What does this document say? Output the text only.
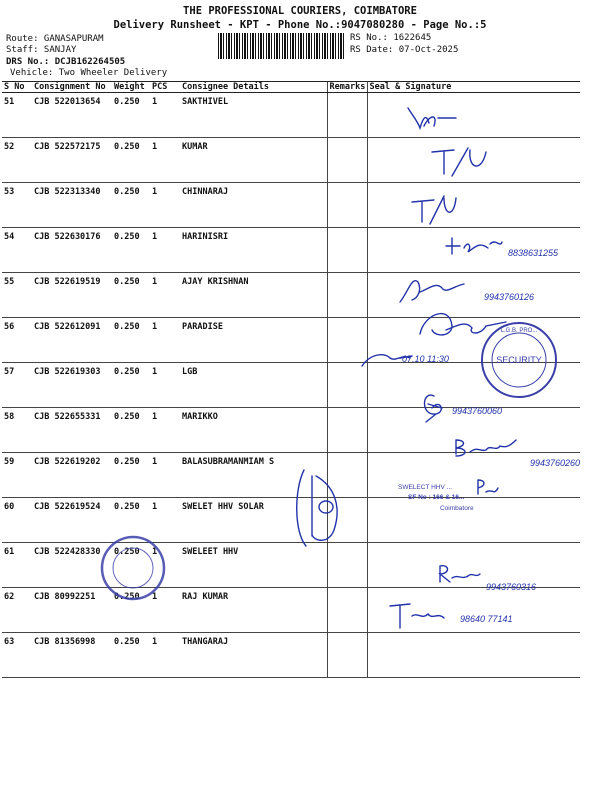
THE PROFESSIONAL COURIERS, COIMBATORE
Delivery Runsheet - KPT - Phone No.:9047080280 - Page No.:5
Route: GANASAPURAM
Staff: SANJAY
DRS No.: DCJB162264505
Vehicle: Two Wheeler Delivery
RS No.: 1622645
RS Date: 07-Oct-2025
S No	Consignment No	Weight	PCS	Consignee Details	Remarks	Seal & Signature
51	CJB 522013654	0.250	1	SAKTHIVEL		
52	CJB 522572175	0.250	1	KUMAR		
53	CJB 522313340	0.250	1	CHINNARAJ		
54	CJB 522630176	0.250	1	HARINISRI		
55	CJB 522619519	0.250	1	AJAY KRISHNAN		
56	CJB 522612091	0.250	1	PARADISE		
57	CJB 522619303	0.250	1	LGB		
58	CJB 522655331	0.250	1	MARIKKO		
59	CJB 522619202	0.250	1	BALASUBRAMANMIAM S		
60	CJB 522619524	0.250	1	SWELET HHV SOLAR		
61	CJB 522428330	0.250	1	SWELEET HHV		
62	CJB 80992251	0.250	1	RAJ KUMAR		
63	CJB 81356998	0.250	1	THANGARAJ		
8838631255
9943760126
07.10 11:30
9943760060
9943760260
9943760316
98640 77141
SECURITY
L.G.B. PRO...
SWELECT HHV ...
SF No : 166 & 16...
Coimbatore
